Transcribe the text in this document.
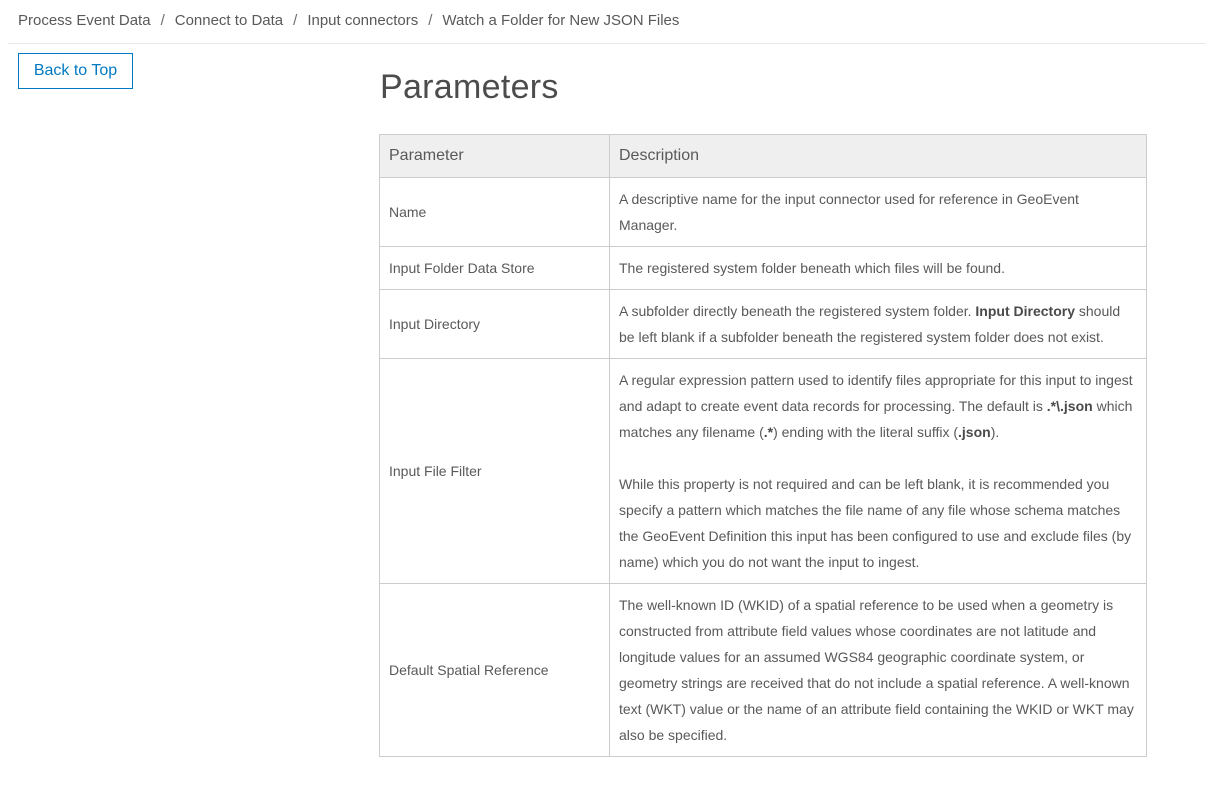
Process Event Data / Connect to Data / Input connectors / Watch a Folder for New JSON Files
Back to Top	Parameters
Parameter	Description
Name	A descriptive name for the input connector used for reference in GeoEvent Manager.
Input Folder Data Store	The registered system folder beneath which files will be found.
Input Directory	A subfolder directly beneath the registered system folder. Input Directory should be left blank if a subfolder beneath the registered system folder does not exist.
Input File Filter	A regular expression pattern used to identify files appropriate for this input to ingest and adapt to create event data records for processing. The default is .*\.json which matches any filename (.*) ending with the literal suffix (.json).
While this property is not required and can be left blank, it is recommended you specify a pattern which matches the file name of any file whose schema matches the GeoEvent Definition this input has been configured to use and exclude files (by name) which you do not want the input to ingest.

Default Spatial Reference	The well-known ID (WKID) of a spatial reference to be used when a geometry is constructed from attribute field values whose coordinates are not latitude and longitude values for an assumed WGS84 geographic coordinate system, or geometry strings are received that do not include a spatial reference. A well-known text (WKT) value or the name of an attribute field containing the WKID or WKT may also be specified.
